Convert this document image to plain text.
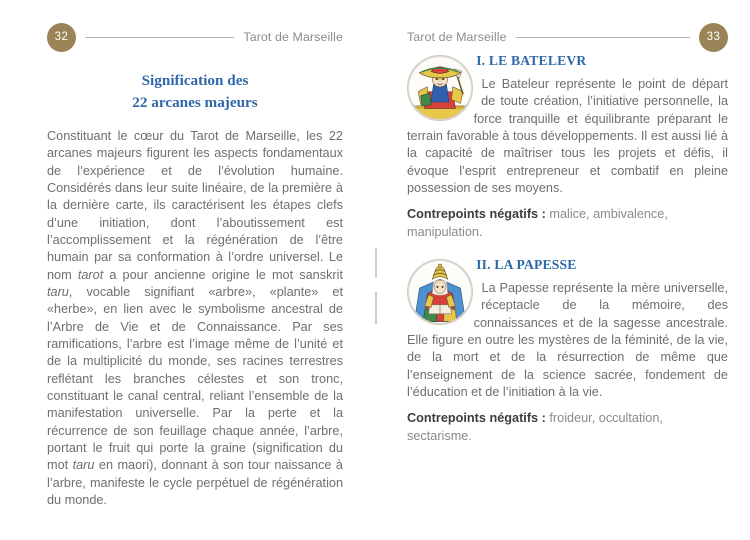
32	Tarot de Marseille
Signification des
22 arcanes majeurs

Constituant le cœur du Tarot de Marseille, les 22 arcanes majeurs figurent les aspects fondamentaux de l’expérience et de l’évolution humaine. Considérés dans leur suite linéaire, de la première à la dernière carte, ils caractérisent les étapes clefs d’une initiation, dont l’aboutissement est l’accomplissement et la régénération de l’être humain par sa conformation à l’ordre universel. Le nom tarot a pour ancienne origine le mot sanskrit taru, vocable signifiant «arbre», «plante» et «herbe», en lien avec le symbolisme ancestral de l’Arbre de Vie et de Connaissance. Par ses ramifications, l’arbre est l’image même de l’unité et de la multiplicité du monde, ses racines terrestres reflétant les branches célestes et son tronc, constituant le canal central, reliant l’ensemble de la manifestation universelle. Par la perte et la récurrence de son feuillage chaque année, l’arbre, portant le fruit qui porte la graine (signification du mot taru en maori), donnant à son tour naissance à l’arbre, manifeste le cycle perpétuel de régénération du monde.

Tarot de Marseille	33
I. LE BATELEVR
Le Bateleur représente le point de départ de toute création, l’initiative personnelle, la force tranquille et équilibrante préparant le terrain favorable à tous développements. Il est aussi lié à la capacité de maîtriser tous les projets et défis, il évoque l’esprit entrepreneur et combatif en pleine possession de ses moyens.
Contrepoints négatifs : malice, ambivalence, manipulation.
II. LA PAPESSE
La Papesse représente la mère universelle, réceptacle de la mémoire, des connaissances et de la sagesse ancestrale. Elle figure en outre les mystères de la féminité, de la vie, de la mort et de la résurrection de même que l’enseignement de la science sacrée, fondement de l’éducation et de l’initiation à la vie.
Contrepoints négatifs : froideur, occultation, sectarisme.
